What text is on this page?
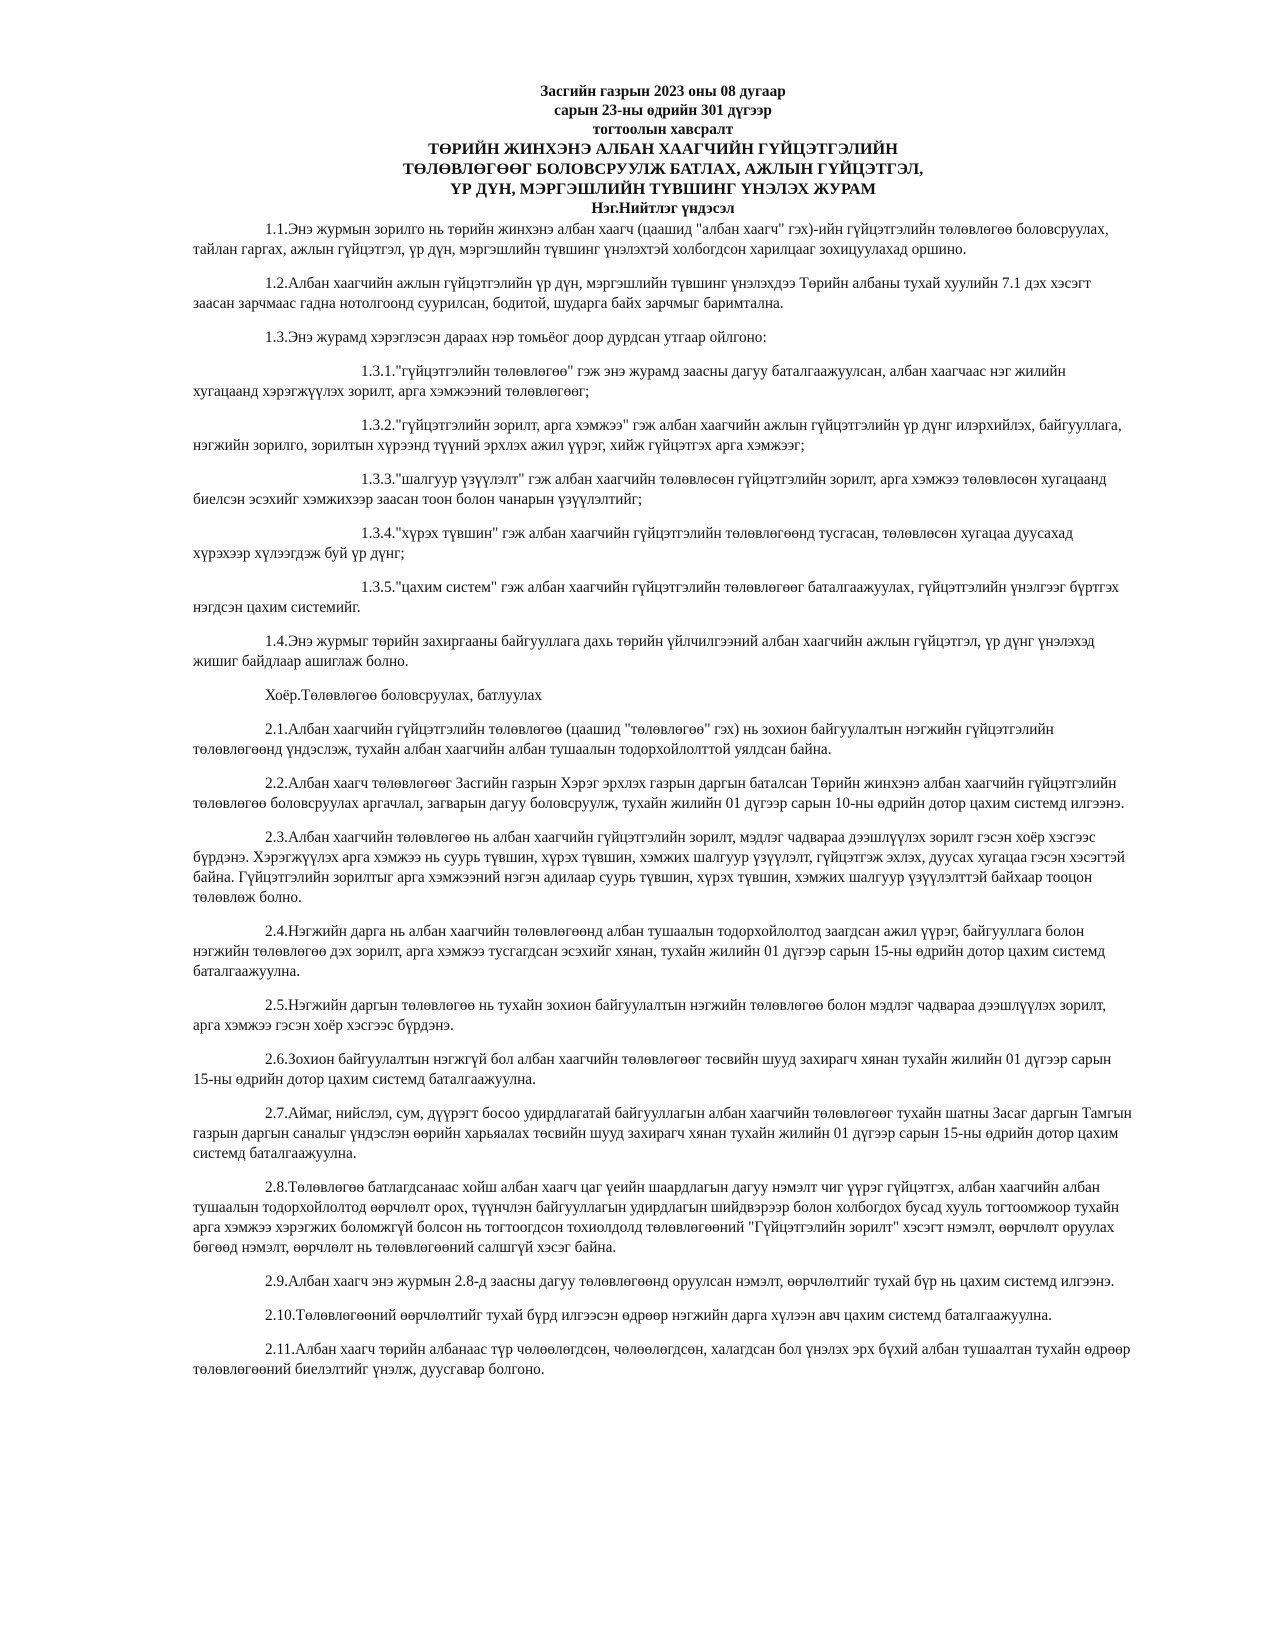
Засгийн газрын 2023 оны 08 дугаар

сарын 23-ны өдрийн 301 дүгээр

тогтоолын хавсралт

ТӨРИЙН ЖИНХЭНЭ АЛБАН ХААГЧИЙН ГҮЙЦЭТГЭЛИЙН

ТӨЛӨВЛӨГӨӨГ БОЛОВСРУУЛЖ БАТЛАХ, АЖЛЫН ГҮЙЦЭТГЭЛ,

ҮР ДҮН, МЭРГЭШЛИЙН ТҮВШИНГ ҮНЭЛЭХ ЖУРАМ

Нэг.Нийтлэг үндэсэл

1.1.Энэ журмын зорилго нь төрийн жинхэнэ албан хаагч (цаашид "албан хаагч" гэх)-ийн гүйцэтгэлийн төлөвлөгөө боловсруулах, тайлан гаргах, ажлын гүйцэтгэл, үр дүн, мэргэшлийн түвшинг үнэлэхтэй холбогдсон харилцааг зохицуулахад оршино.

1.2.Албан хаагчийн ажлын гүйцэтгэлийн үр дүн, мэргэшлийн түвшинг үнэлэхдээ Төрийн албаны тухай хуулийн 7.1 дэх хэсэгт заасан зарчмаас гадна нотолгоонд суурилсан, бодитой, шударга байх зарчмыг баримтална.

1.3.Энэ журамд хэрэглэсэн дараах нэр томьёог доор дурдсан утгаар ойлгоно:

1.3.1."гүйцэтгэлийн төлөвлөгөө" гэж энэ журамд заасны дагуу баталгаажуулсан, албан хаагчаас нэг жилийн хугацаанд хэрэгжүүлэх зорилт, арга хэмжээний төлөвлөгөөг;

1.3.2."гүйцэтгэлийн зорилт, арга хэмжээ" гэж албан хаагчийн ажлын гүйцэтгэлийн үр дүнг илэрхийлэх, байгууллага, нэгжийн зорилго, зорилтын хүрээнд түүний эрхлэх ажил үүрэг, хийж гүйцэтгэх арга хэмжээг;

1.3.3."шалгуур үзүүлэлт" гэж албан хаагчийн төлөвлөсөн гүйцэтгэлийн зорилт, арга хэмжээ төлөвлөсөн хугацаанд биелсэн эсэхийг хэмжихээр заасан тоон болон чанарын үзүүлэлтийг;

1.3.4."хүрэх түвшин" гэж албан хаагчийн гүйцэтгэлийн төлөвлөгөөнд тусгасан, төлөвлөсөн хугацаа дуусахад хүрэхээр хүлээгдэж буй үр дүнг;

1.3.5."цахим систем" гэж албан хаагчийн гүйцэтгэлийн төлөвлөгөөг баталгаажуулах, гүйцэтгэлийн үнэлгээг бүртгэх нэгдсэн цахим системийг.

1.4.Энэ журмыг төрийн захиргааны байгууллага дахь төрийн үйлчилгээний албан хаагчийн ажлын гүйцэтгэл, үр дүнг үнэлэхэд жишиг байдлаар ашиглаж болно.

Хоёр.Төлөвлөгөө боловсруулах, батлуулах

2.1.Албан хаагчийн гүйцэтгэлийн төлөвлөгөө (цаашид "төлөвлөгөө" гэх) нь зохион байгуулалтын нэгжийн гүйцэтгэлийн төлөвлөгөөнд үндэслэж, тухайн албан хаагчийн албан тушаалын тодорхойлолттой уялдсан байна.

2.2.Албан хаагч төлөвлөгөөг Засгийн газрын Хэрэг эрхлэх газрын даргын баталсан Төрийн жинхэнэ албан хаагчийн гүйцэтгэлийн төлөвлөгөө боловсруулах аргачлал, загварын дагуу боловсруулж, тухайн жилийн 01 дүгээр сарын 10-ны өдрийн дотор цахим системд илгээнэ.

2.3.Албан хаагчийн төлөвлөгөө нь албан хаагчийн гүйцэтгэлийн зорилт, мэдлэг чадвараа дээшлүүлэх зорилт гэсэн хоёр хэсгээс бүрдэнэ. Хэрэгжүүлэх арга хэмжээ нь суурь түвшин, хүрэх түвшин, хэмжих шалгуур үзүүлэлт, гүйцэтгэж эхлэх, дуусах хугацаа гэсэн хэсэгтэй байна. Гүйцэтгэлийн зорилтыг арга хэмжээний нэгэн адилаар суурь түвшин, хүрэх түвшин, хэмжих шалгуур үзүүлэлттэй байхаар тооцон төлөвлөж болно.

2.4.Нэгжийн дарга нь албан хаагчийн төлөвлөгөөнд албан тушаалын тодорхойлолтод заагдсан ажил үүрэг, байгууллага болон нэгжийн төлөвлөгөө дэх зорилт, арга хэмжээ тусгагдсан эсэхийг хянан, тухайн жилийн 01 дүгээр сарын 15-ны өдрийн дотор цахим системд баталгаажуулна.

2.5.Нэгжийн даргын төлөвлөгөө нь тухайн зохион байгуулалтын нэгжийн төлөвлөгөө болон мэдлэг чадвараа дээшлүүлэх зорилт, арга хэмжээ гэсэн хоёр хэсгээс бүрдэнэ.

2.6.Зохион байгуулалтын нэгжгүй бол албан хаагчийн төлөвлөгөөг төсвийн шууд захирагч хянан тухайн жилийн 01 дүгээр сарын 15-ны өдрийн дотор цахим системд баталгаажуулна.

2.7.Аймаг, нийслэл, сум, дүүрэгт босоо удирдлагатай байгууллагын албан хаагчийн төлөвлөгөөг тухайн шатны Засаг даргын Тамгын газрын даргын саналыг үндэслэн өөрийн харьяалах төсвийн шууд захирагч хянан тухайн жилийн 01 дүгээр сарын 15-ны өдрийн дотор цахим системд баталгаажуулна.

2.8.Төлөвлөгөө батлагдсанаас хойш албан хаагч цаг үеийн шаардлагын дагуу нэмэлт чиг үүрэг гүйцэтгэх, албан хаагчийн албан тушаалын тодорхойлолтод өөрчлөлт орох, түүнчлэн байгууллагын удирдлагын шийдвэрээр болон холбогдох бусад хууль тогтоомжоор тухайн арга хэмжээ хэрэгжих боломжгүй болсон нь тогтоогдсон тохиолдолд төлөвлөгөөний "Гүйцэтгэлийн зорилт" хэсэгт нэмэлт, өөрчлөлт оруулах бөгөөд нэмэлт, өөрчлөлт нь төлөвлөгөөний салшгүй хэсэг байна.

2.9.Албан хаагч энэ журмын 2.8-д заасны дагуу төлөвлөгөөнд оруулсан нэмэлт, өөрчлөлтийг тухай бүр нь цахим системд илгээнэ.

2.10.Төлөвлөгөөний өөрчлөлтийг тухай бүрд илгээсэн өдрөөр нэгжийн дарга хүлээн авч цахим системд баталгаажуулна.

2.11.Албан хаагч төрийн албанаас түр чөлөөлөгдсөн, чөлөөлөгдсөн, халагдсан бол үнэлэх эрх бүхий албан тушаалтан тухайн өдрөөр төлөвлөгөөний биелэлтийг үнэлж, дуусгавар болгоно.
